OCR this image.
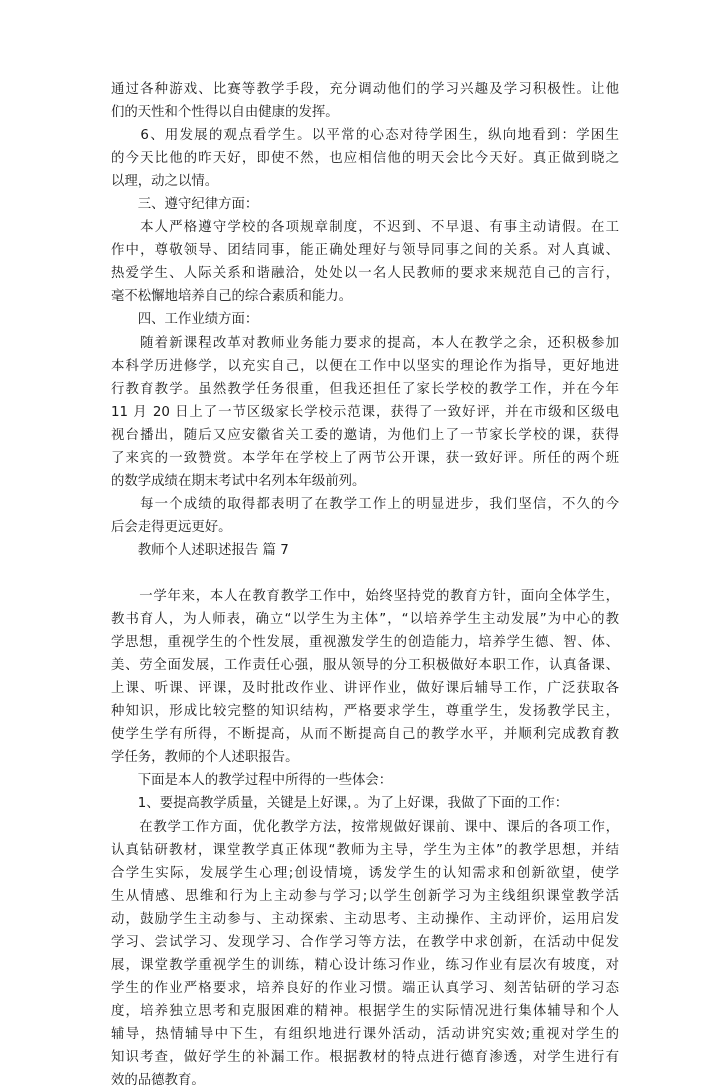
通过各种游戏、比赛等教学手段，充分调动他们的学习兴趣及学习积极性。让他
们的天性和个性得以自由健康的发挥。
　　6、用发展的观点看学生。以平常的心态对待学困生，纵向地看到：学困生
的今天比他的昨天好，即使不然，也应相信他的明天会比今天好。真正做到晓之
以理，动之以情。
　　三、遵守纪律方面：
　　本人严格遵守学校的各项规章制度，不迟到、不早退、有事主动请假。在工
作中，尊敬领导、团结同事，能正确处理好与领导同事之间的关系。对人真诚、
热爱学生、人际关系和谐融洽，处处以一名人民教师的要求来规范自己的言行，
毫不松懈地培养自己的综合素质和能力。
　　四、工作业绩方面：
　　随着新课程改革对教师业务能力要求的提高，本人在教学之余，还积极参加
本科学历进修学，以充实自己，以便在工作中以坚实的理论作为指导，更好地进
行教育教学。虽然教学任务很重，但我还担任了家长学校的教学工作，并在今年
11 月 20 日上了一节区级家长学校示范课，获得了一致好评，并在市级和区级电
视台播出，随后又应安徽省关工委的邀请，为他们上了一节家长学校的课，获得
了来宾的一致赞赏。本学年在学校上了两节公开课，获一致好评。所任的两个班
的数学成绩在期末考试中名列本年级前列。
　　每一个成绩的取得都表明了在教学工作上的明显进步，我们坚信，不久的今
后会走得更远更好。
　　教师个人述职述报告 篇 7
　　一学年来，本人在教育教学工作中，始终坚持党的教育方针，面向全体学生，
教书育人，为人师表，确立“以学生为主体”，“以培养学生主动发展”为中心的教
学思想，重视学生的个性发展，重视激发学生的创造能力，培养学生德、智、体、
美、劳全面发展，工作责任心强，服从领导的分工积极做好本职工作，认真备课、
上课、听课、评课，及时批改作业、讲评作业，做好课后辅导工作，广泛获取各
种知识，形成比较完整的知识结构，严格要求学生，尊重学生，发扬教学民主，
使学生学有所得，不断提高，从而不断提高自己的教学水平，并顺利完成教育教
学任务，教师的个人述职报告。
　　下面是本人的教学过程中所得的一些体会：
　　1、要提高教学质量，关键是上好课，。为了上好课，我做了下面的工作：
　　在教学工作方面，优化教学方法，按常规做好课前、课中、课后的各项工作，
认真钻研教材，课堂教学真正体现“教师为主导，学生为主体”的教学思想，并结
合学生实际，发展学生心理;创设情境，诱发学生的认知需求和创新欲望，使学
生从情感、思维和行为上主动参与学习;以学生创新学习为主线组织课堂教学活
动，鼓励学生主动参与、主动探索、主动思考、主动操作、主动评价，运用启发
学习、尝试学习、发现学习、合作学习等方法，在教学中求创新，在活动中促发
展，课堂教学重视学生的训练，精心设计练习作业，练习作业有层次有坡度，对
学生的作业严格要求，培养良好的作业习惯。端正认真学习、刻苦钻研的学习态
度，培养独立思考和克服困难的精神。根据学生的实际情况进行集体辅导和个人
辅导，热情辅导中下生，有组织地进行课外活动，活动讲究实效;重视对学生的
知识考查，做好学生的补漏工作。根据教材的特点进行德育渗透，对学生进行有
效的品德教育。
